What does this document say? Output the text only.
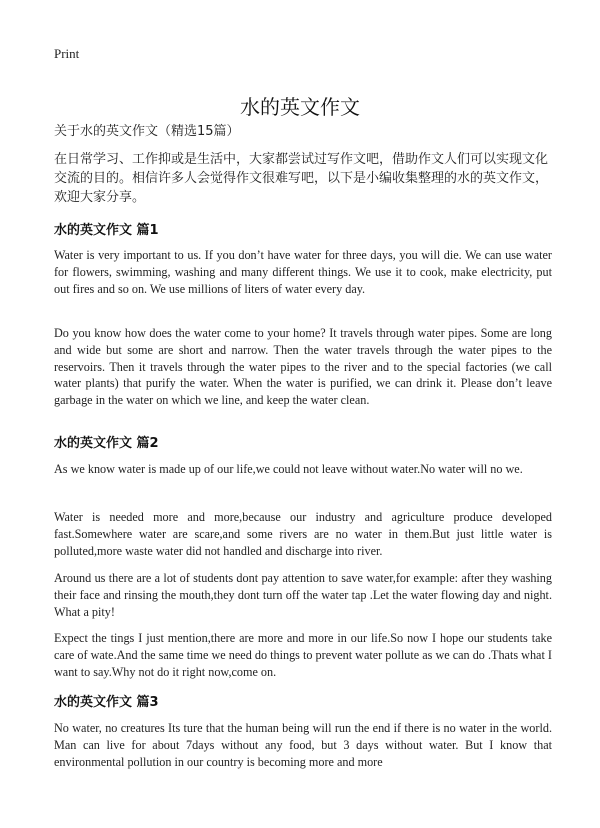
Print
水的英文作文
关于水的英文作文（精选15篇）

在日常学习、工作抑或是生活中，大家都尝试过写作文吧，借助作文人们可以实现文化交流的目的。相信许多人会觉得作文很难写吧，以下是小编收集整理的水的英文作文，欢迎大家分享。

水的英文作文 篇1

Water is very important to us. If you don’t have water for three days, you will die. We can use water for flowers, swimming, washing and many different things. We use it to cook, make electricity, put out fires and so on. We use millions of liters of water every day.

Do you know how does the water come to your home? It travels through water pipes. Some are long and wide but some are short and narrow. Then the water travels through the water pipes to the reservoirs. Then it travels through the water pipes to the river and to the special factories (we call water plants) that purify the water. When the water is purified, we can drink it. Please don’t leave garbage in the water on which we line, and keep the water clean.

水的英文作文 篇2

As we know water is made up of our life,we could not leave without water.No water will no we.

Water is needed more and more,because our industry and agriculture produce developed fast.Somewhere water are scare,and some rivers are no water in them.But just little water is polluted,more waste water did not handled and discharge into river.

Around us there are a lot of students dont pay attention to save water,for example: after they washing their face and rinsing the mouth,they dont turn off the water tap .Let the water flowing day and night. What a pity!

Expect the tings I just mention,there are more and more in our life.So now I hope our students take care of wate.And the same time we need do things to prevent water pollute as we can do .Thats what I want to say.Why not do it right now,come on.

水的英文作文 篇3

No water, no creatures Its ture that the human being will run the end if there is no water in the world. Man can live for about 7days without any food, but 3 days without water. But I know that environmental pollution in our country is becoming more and more
